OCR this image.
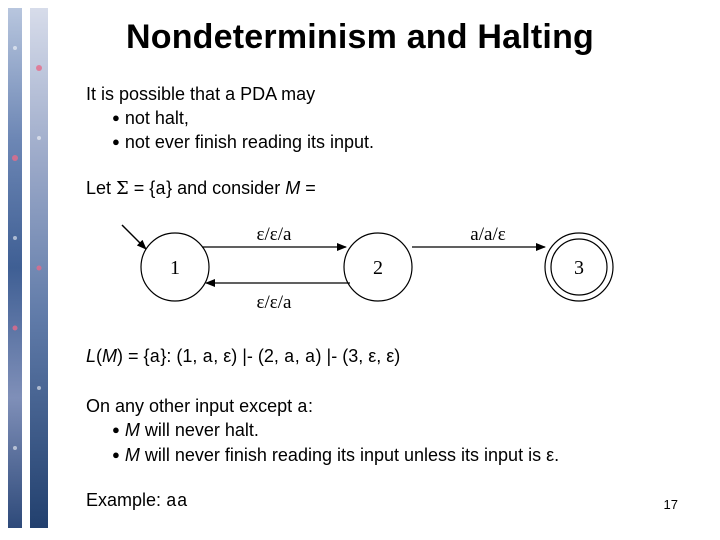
Nondeterminism and Halting
It is possible that a PDA may
● not halt,
● not ever finish reading its input.
Let Σ = {a} and consider M =
1	2	3
ε/ε/a
ε/ε/a
a/a/ε
L(M) = {a}: (1, a, ε) |- (2, a, a) |- (3, ε, ε)
On any other input except a:
● M will never halt.
● M will never finish reading its input unless its input is ε.
Example: aa	17
